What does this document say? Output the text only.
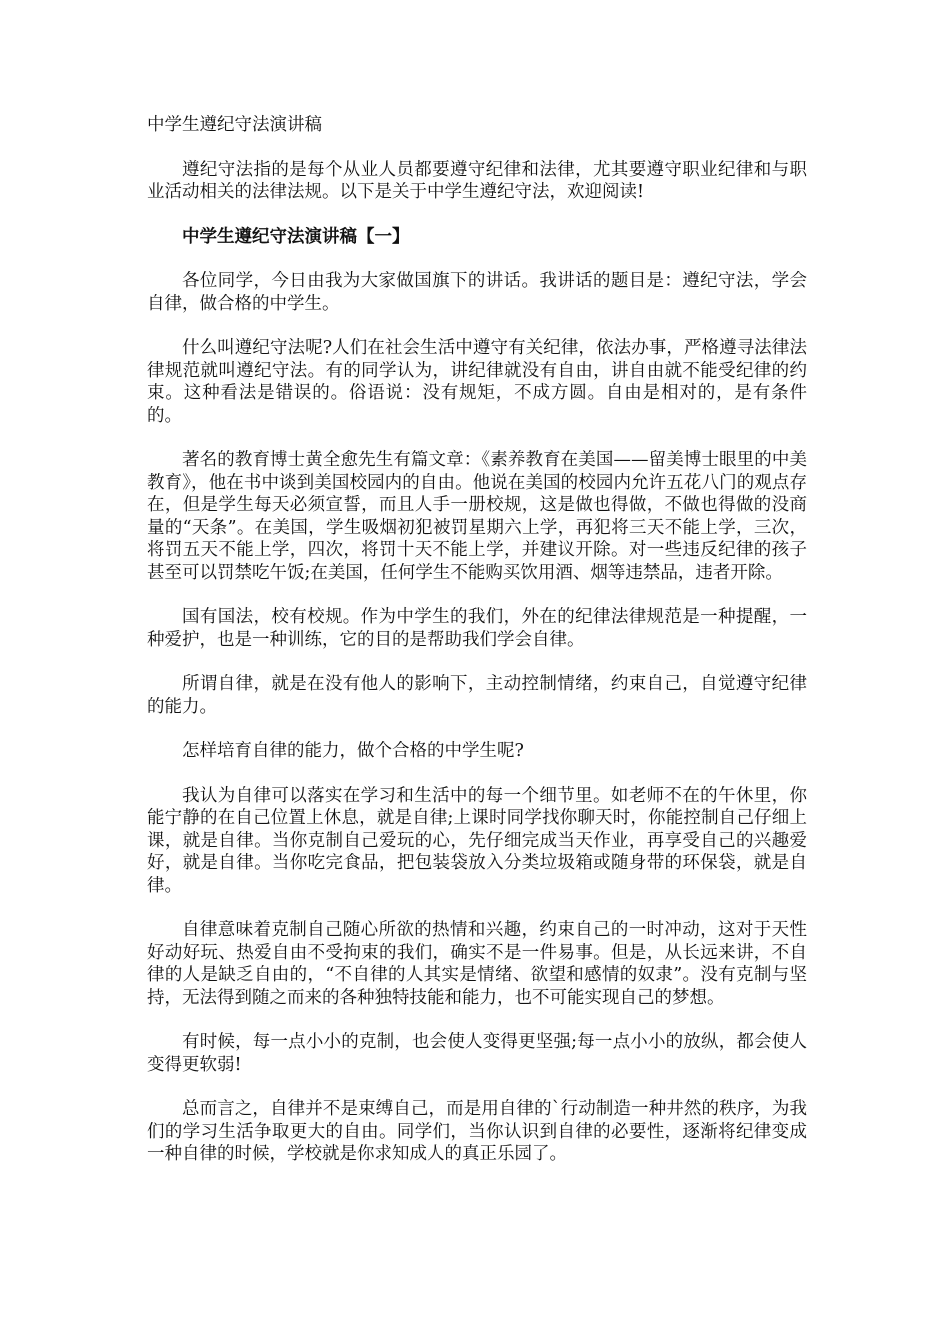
中学生遵纪守法演讲稿

遵纪守法指的是每个从业人员都要遵守纪律和法律，尤其要遵守职业纪律和与职业活动相关的法律法规。以下是关于中学生遵纪守法，欢迎阅读!

中学生遵纪守法演讲稿【一】

各位同学，今日由我为大家做国旗下的讲话。我讲话的题目是：遵纪守法，学会自律，做合格的中学生。

什么叫遵纪守法呢?人们在社会生活中遵守有关纪律，依法办事，严格遵寻法律法律规范就叫遵纪守法。有的同学认为，讲纪律就没有自由，讲自由就不能受纪律的约束。这种看法是错误的。俗语说：没有规矩，不成方圆。自由是相对的，是有条件的。

著名的教育博士黄全愈先生有篇文章：《素养教育在美国——留美博士眼里的中美教育》，他在书中谈到美国校园内的自由。他说在美国的校园内允许五花八门的观点存在，但是学生每天必须宣誓，而且人手一册校规，这是做也得做，不做也得做的没商量的“天条”。在美国，学生吸烟初犯被罚星期六上学，再犯将三天不能上学，三次，将罚五天不能上学，四次，将罚十天不能上学，并建议开除。对一些违反纪律的孩子甚至可以罚禁吃午饭;在美国，任何学生不能购买饮用酒、烟等违禁品，违者开除。

国有国法，校有校规。作为中学生的我们，外在的纪律法律规范是一种提醒，一种爱护，也是一种训练，它的目的是帮助我们学会自律。

所谓自律，就是在没有他人的影响下，主动控制情绪，约束自己，自觉遵守纪律的能力。

怎样培育自律的能力，做个合格的中学生呢?

我认为自律可以落实在学习和生活中的每一个细节里。如老师不在的午休里，你能宁静的在自己位置上休息，就是自律;上课时同学找你聊天时，你能控制自己仔细上课，就是自律。当你克制自己爱玩的心，先仔细完成当天作业，再享受自己的兴趣爱好，就是自律。当你吃完食品，把包装袋放入分类垃圾箱或随身带的环保袋，就是自律。

自律意味着克制自己随心所欲的热情和兴趣，约束自己的一时冲动，这对于天性好动好玩、热爱自由不受拘束的我们，确实不是一件易事。但是，从长远来讲，不自律的人是缺乏自由的，“不自律的人其实是情绪、欲望和感情的奴隶”。没有克制与坚持，无法得到随之而来的各种独特技能和能力，也不可能实现自己的梦想。

有时候，每一点小小的克制，也会使人变得更坚强;每一点小小的放纵，都会使人变得更软弱!

总而言之，自律并不是束缚自己，而是用自律的`行动制造一种井然的秩序，为我们的学习生活争取更大的自由。同学们，当你认识到自律的必要性，逐渐将纪律变成一种自律的时候，学校就是你求知成人的真正乐园了。
